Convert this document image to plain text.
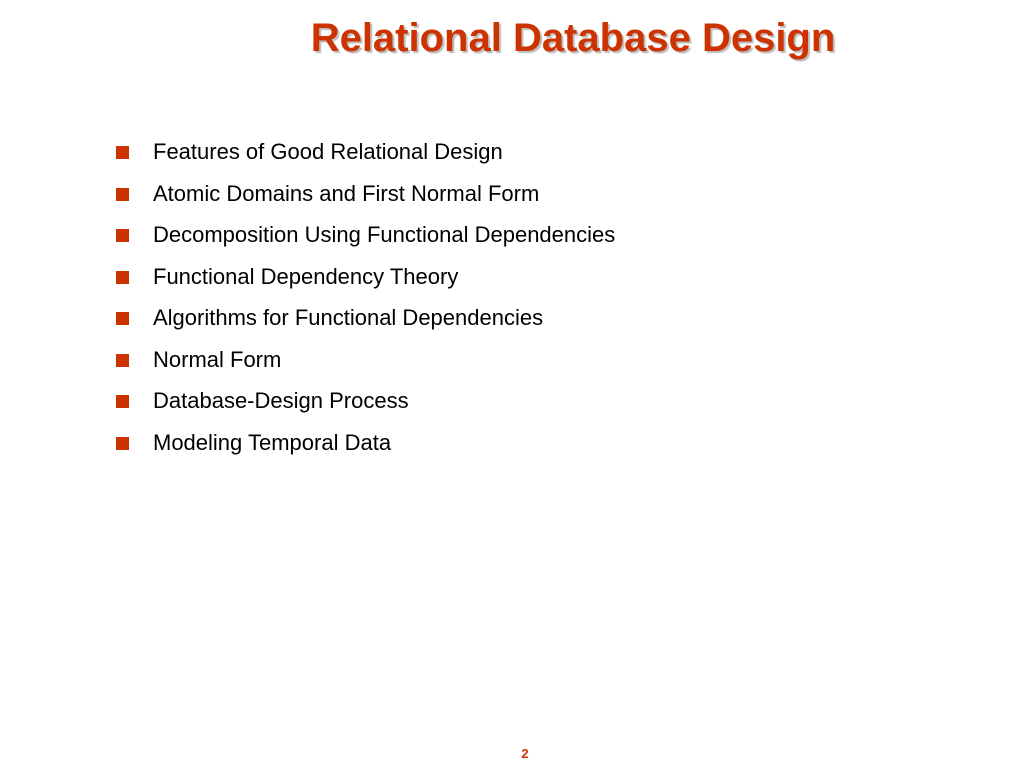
Relational Database Design
Features of Good Relational Design
Atomic Domains and First Normal Form
Decomposition Using Functional Dependencies
Functional Dependency Theory
Algorithms for Functional Dependencies
Normal Form
Database-Design Process
Modeling Temporal Data
2
